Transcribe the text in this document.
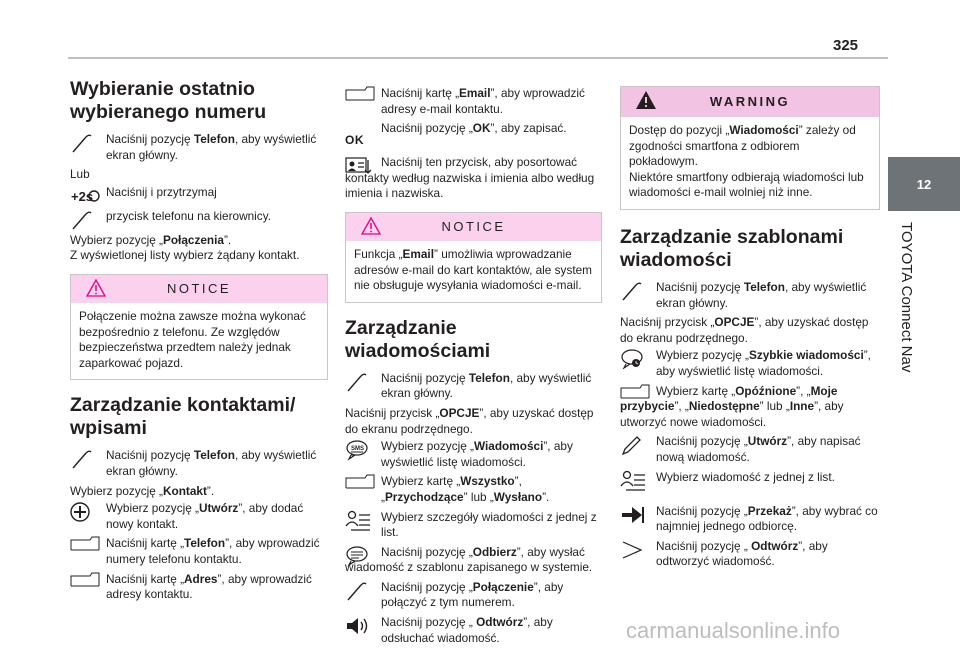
325
12
TOYOTA Connect Nav
Wybieranie ostatnio wybieranego numeru

Naciśnij pozycję Telefon, aby wyświetlić ekran główny.

Lub

+2s Naciśnij i przytrzymaj

przycisk telefonu na kierownicy.

Wybierz pozycję „Połączenia”.

Z wyświetlonej listy wybierz żądany kontakt.

NOTICE

Połączenie można zawsze można wykonać bezpośrednio z telefonu. Ze względów bezpieczeństwa przedtem należy jednak zaparkować pojazd.

Zarządzanie kontaktami/ wpisami

Naciśnij pozycję Telefon, aby wyświetlić ekran główny.

Wybierz pozycję „Kontakt”.

Wybierz pozycję „Utwórz”, aby dodać nowy kontakt.

Naciśnij kartę „Telefon”, aby wprowadzić numery telefonu kontaktu.

Naciśnij kartę „Adres”, aby wprowadzić adresy kontaktu.

Naciśnij kartę „Email”, aby wprowadzić adresy e-mail kontaktu.

OK

Naciśnij pozycję „OK”, aby zapisać.

Naciśnij ten przycisk, aby posortować kontakty według nazwiska i imienia albo według imienia i nazwiska.

NOTICE

Funkcja „Email” umożliwia wprowadzanie adresów e-mail do kart kontaktów, ale system nie obsługuje wysyłania wiadomości e-mail.

Zarządzanie wiadomościami

Naciśnij pozycję Telefon, aby wyświetlić ekran główny.

Naciśnij przycisk „OPCJE”, aby uzyskać dostęp do ekranu podrzędnego.

SMS Wybierz pozycję „Wiadomości”, aby wyświetlić listę wiadomości.

Wybierz kartę „Wszystko”, „Przychodzące” lub „Wysłano”.

Wybierz szczegóły wiadomości z jednej z list.

Naciśnij pozycję „Odbierz”, aby wysłać wiadomość z szablonu zapisanego w systemie.

Naciśnij pozycję „Połączenie”, aby połączyć z tym numerem.

Naciśnij pozycję „ Odtwórz”, aby odsłuchać wiadomość.

WARNING

Dostęp do pozycji „Wiadomości” zależy od zgodności smartfona z odbiorem pokładowym.

Niektóre smartfony odbierają wiadomości lub wiadomości e-mail wolniej niż inne.

Zarządzanie szablonami wiadomości

Naciśnij pozycję Telefon, aby wyświetlić ekran główny.

Naciśnij przycisk „OPCJE”, aby uzyskać dostęp do ekranu podrzędnego.

Wybierz pozycję „Szybkie wiadomości”, aby wyświetlić listę wiadomości.

Wybierz kartę „Opóźnione”, „Moje przybycie”, „Niedostępne” lub „Inne”, aby utworzyć nowe wiadomości.

Naciśnij pozycję „Utwórz”, aby napisać nową wiadomość.

Wybierz wiadomość z jednej z list.

Naciśnij pozycję „Przekaż”, aby wybrać co najmniej jednego odbiorcę.

Naciśnij pozycję „ Odtwórz”, aby odtworzyć wiadomość.

carmanualsonline.info
